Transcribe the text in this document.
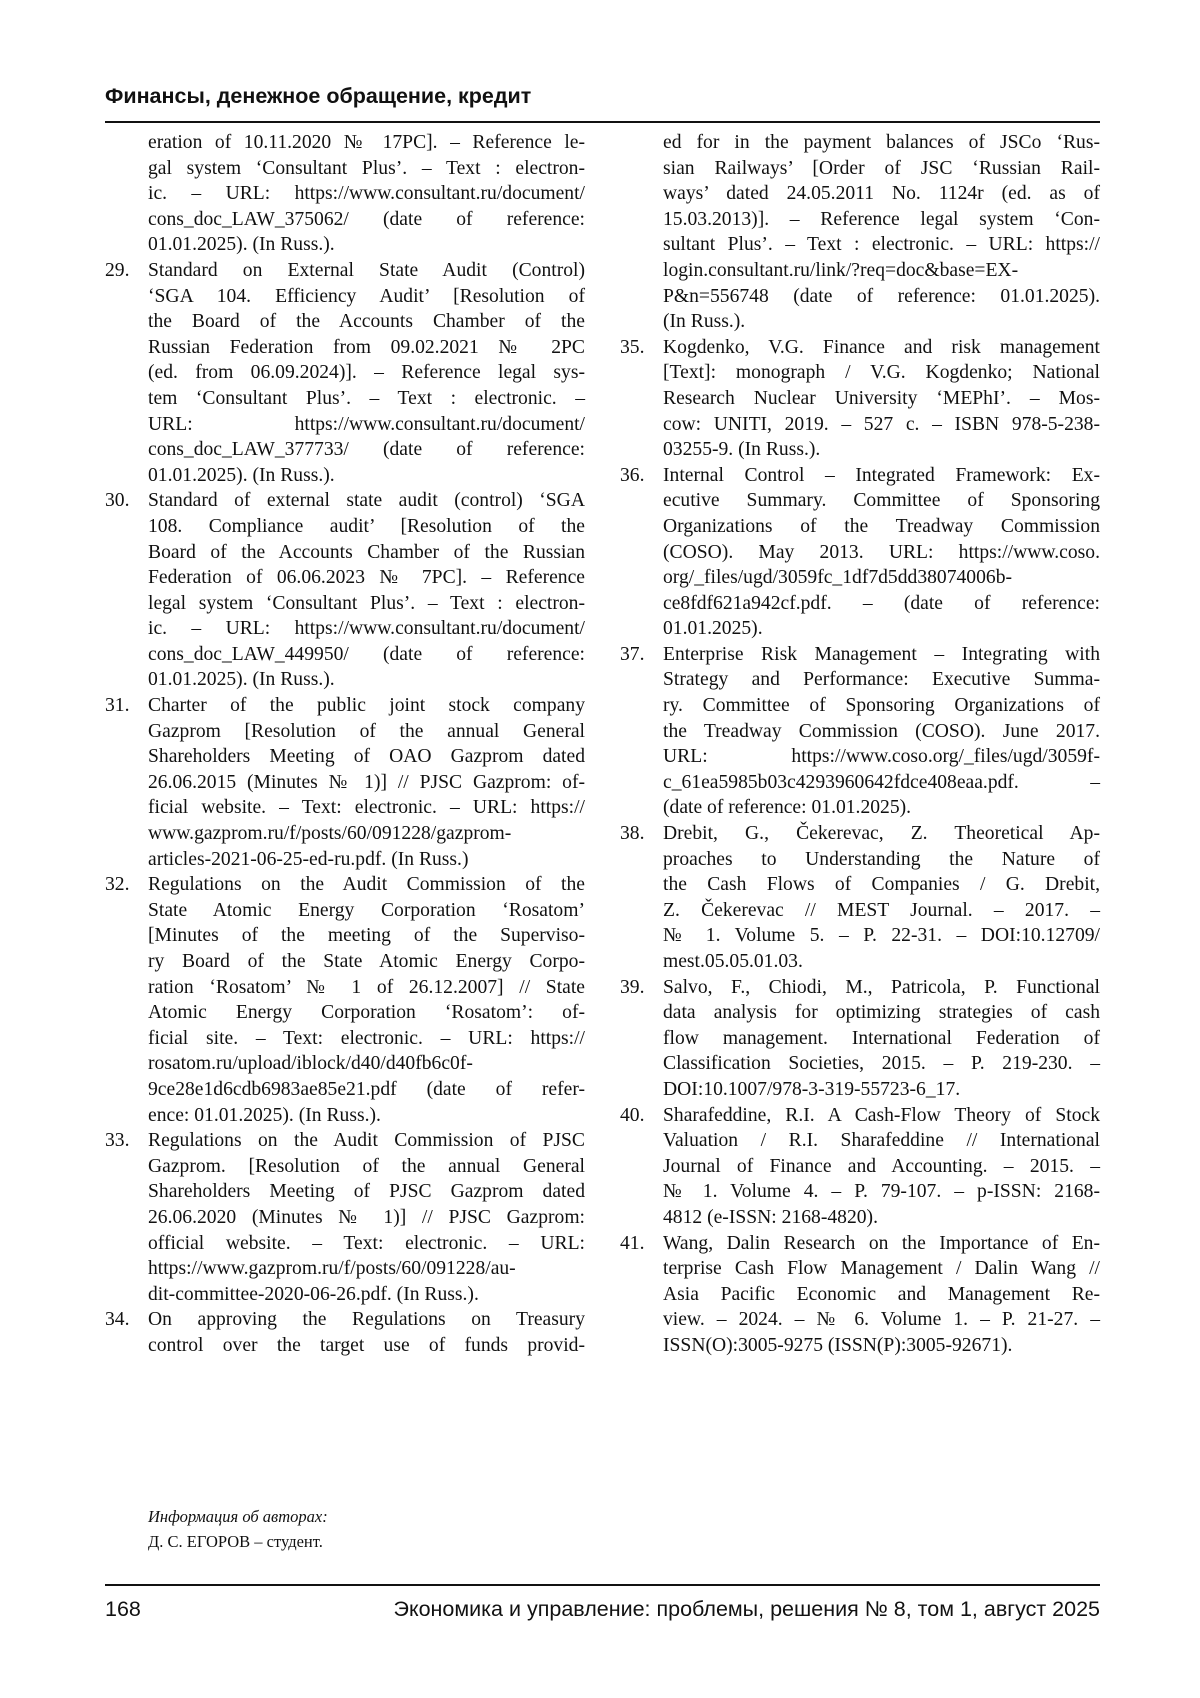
Финансы, денежное обращение, кредит
eration of 10.11.2020 № 17PC]. – Reference le-
gal system ‘Consultant Plus’. – Text : electron-
ic. – URL: https://www.consultant.ru/document/
cons_doc_LAW_375062/ (date of reference:
01.01.2025). (In Russ.).
29. Standard on External State Audit (Control)
‘SGA 104. Efficiency Audit’ [Resolution of
the Board of the Accounts Chamber of the
Russian Federation from 09.02.2021 № 2PC
(ed. from 06.09.2024)]. – Reference legal sys-
tem ‘Consultant Plus’. – Text : electronic. –
URL: https://www.consultant.ru/document/
cons_doc_LAW_377733/ (date of reference:
01.01.2025). (In Russ.).
30. Standard of external state audit (control) ‘SGA
108. Compliance audit’ [Resolution of the
Board of the Accounts Chamber of the Russian
Federation of 06.06.2023 № 7PC]. – Reference
legal system ‘Consultant Plus’. – Text : electron-
ic. – URL: https://www.consultant.ru/document/
cons_doc_LAW_449950/ (date of reference:
01.01.2025). (In Russ.).
31. Charter of the public joint stock company
Gazprom [Resolution of the annual General
Shareholders Meeting of OAO Gazprom dated
26.06.2015 (Minutes № 1)] // PJSC Gazprom: of-
ficial website. – Text: electronic. – URL: https://
www.gazprom.ru/f/posts/60/091228/gazprom-
articles-2021-06-25-ed-ru.pdf. (In Russ.)
32. Regulations on the Audit Commission of the
State Atomic Energy Corporation ‘Rosatom’
[Minutes of the meeting of the Superviso-
ry Board of the State Atomic Energy Corpo-
ration ‘Rosatom’ № 1 of 26.12.2007] // State
Atomic Energy Corporation ‘Rosatom’: of-
ficial site. – Text: electronic. – URL: https://
rosatom.ru/upload/iblock/d40/d40fb6c0f-
9ce28e1d6cdb6983ae85e21.pdf (date of refer-
ence: 01.01.2025). (In Russ.).
33. Regulations on the Audit Commission of PJSC
Gazprom. [Resolution of the annual General
Shareholders Meeting of PJSC Gazprom dated
26.06.2020 (Minutes № 1)] // PJSC Gazprom:
official website. – Text: electronic. – URL:
https://www.gazprom.ru/f/posts/60/091228/au-
dit-committee-2020-06-26.pdf. (In Russ.).
34. On approving the Regulations on Treasury
control over the target use of funds provid-
ed for in the payment balances of JSCo ‘Rus-
sian Railways’ [Order of JSC ‘Russian Rail-
ways’ dated 24.05.2011 No. 1124r (ed. as of
15.03.2013)]. – Reference legal system ‘Con-
sultant Plus’. – Text : electronic. – URL: https://
login.consultant.ru/link/?req=doc&base=EX-
P&n=556748 (date of reference: 01.01.2025).
(In Russ.).
35. Kogdenko, V.G. Finance and risk management
[Text]: monograph / V.G. Kogdenko; National
Research Nuclear University ‘MEPhI’. – Mos-
cow: UNITI, 2019. – 527 c. – ISBN 978-5-238-
03255-9. (In Russ.).
36. Internal Control – Integrated Framework: Ex-
ecutive Summary. Committee of Sponsoring
Organizations of the Treadway Commission
(COSO). May 2013. URL: https://www.coso.
org/_files/ugd/3059fc_1df7d5dd38074006b-
ce8fdf621a942cf.pdf. – (date of reference:
01.01.2025).
37. Enterprise Risk Management – Integrating with
Strategy and Performance: Executive Summa-
ry. Committee of Sponsoring Organizations of
the Treadway Commission (COSO). June 2017.
URL: https://www.coso.org/_files/ugd/3059f-
c_61ea5985b03c4293960642fdce408eaa.pdf. –
(date of reference: 01.01.2025).
38. Drebit, G., Čekerevac, Z. Theoretical Ap-
proaches to Understanding the Nature of
the Cash Flows of Companies / G. Drebit,
Z. Čekerevac // MEST Journal. – 2017. –
№ 1. Volume 5. – P. 22-31. – DOI:10.12709/
mest.05.05.01.03.
39. Salvo, F., Chiodi, M., Patricola, P. Functional
data analysis for optimizing strategies of cash
flow management. International Federation of
Classification Societies, 2015. – P. 219-230. –
DOI:10.1007/978-3-319-55723-6_17.
40. Sharafeddine, R.I. A Cash-Flow Theory of Stock
Valuation / R.I. Sharafeddine // International
Journal of Finance and Accounting. – 2015. –
№ 1. Volume 4. – P. 79-107. – p-ISSN: 2168-
4812 (e-ISSN: 2168-4820).
41. Wang, Dalin Research on the Importance of En-
terprise Cash Flow Management / Dalin Wang //
Asia Pacific Economic and Management Re-
view. – 2024. – № 6. Volume 1. – P. 21-27. –
ISSN(O):3005-9275 (ISSN(P):3005-92671).
Информация об авторах:
Д. С. ЕГОРОВ – студент.
168	Экономика и управление: проблемы, решения № 8, том 1, август 2025
